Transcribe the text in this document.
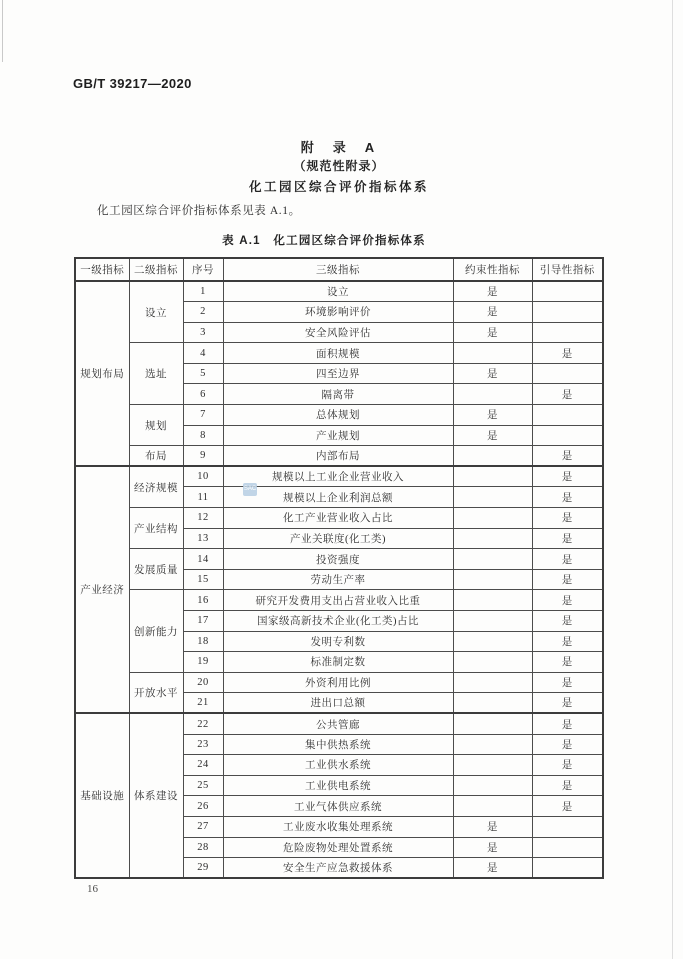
GB/T 39217—2020
附　录　A
（规范性附录）
化工园区综合评价指标体系
化工园区综合评价指标体系见表 A.1。
表 A.1　化工园区综合评价指标体系
一级指标	二级指标	序号	三级指标	约束性指标	引导性指标
规划布局	设立	1	设立	是	
		2	环境影响评价	是	
		3	安全风险评估	是	
	选址	4	面积规模		是
		5	四至边界	是	
		6	隔离带		是
	规划	7	总体规划	是	
		8	产业规划	是	
	布局	9	内部布局		是
产业经济	经济规模	10	规模以上工业企业营业收入		是
		11	规模以上企业利润总额		是
	产业结构	12	化工产业营业收入占比		是
		13	产业关联度(化工类)		是
	发展质量	14	投资强度		是
		15	劳动生产率		是
	创新能力	16	研究开发费用支出占营业收入比重		是
		17	国家级高新技术企业(化工类)占比		是
		18	发明专利数		是
		19	标准制定数		是
	开放水平	20	外资利用比例		是
		21	进出口总额		是
基础设施	体系建设	22	公共管廊		是
		23	集中供热系统		是
		24	工业供水系统		是
		25	工业供电系统		是
		26	工业气体供应系统		是
		27	工业废水收集处理系统	是	
		28	危险废物处理处置系统	是	
		29	安全生产应急救援体系	是	
SAC
16
